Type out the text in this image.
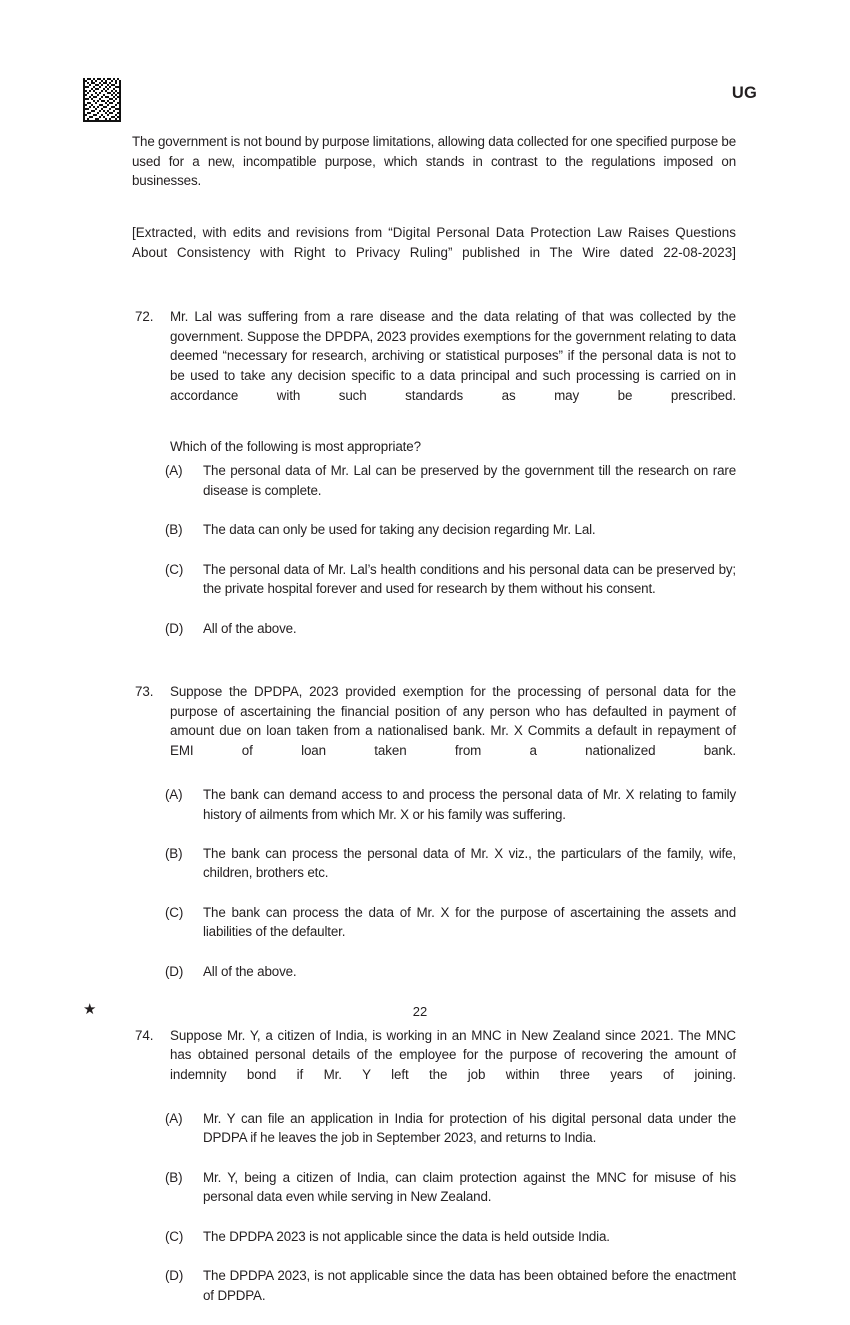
UG

The government is not bound by purpose limitations, allowing data collected for one specified purpose be used for a new, incompatible purpose, which stands in contrast to the regulations imposed on businesses.

[Extracted, with edits and revisions from “Digital Personal Data Protection Law Raises Questions About Consistency with Right to Privacy Ruling” published in The Wire dated 22-08-2023]

72.	Mr. Lal was suffering from a rare disease and the data relating of that was collected by the government. Suppose the DPDPA, 2023 provides exemptions for the government relating to data deemed “necessary for research, archiving or statistical purposes” if the personal data is not to be used to take any decision specific to a data principal and such processing is carried on in accordance with such standards as may be prescribed.
Which of the following is most appropriate?
(A)	The personal data of Mr. Lal can be preserved by the government till the research on rare disease is complete.
(B)	The data can only be used for taking any decision regarding Mr. Lal.
(C)	The personal data of Mr. Lal’s health conditions and his personal data can be preserved by; the private hospital forever and used for research by them without his consent.
(D)	All of the above.
73.	Suppose the DPDPA, 2023 provided exemption for the processing of personal data for the purpose of ascertaining the financial position of any person who has defaulted in payment of amount due on loan taken from a nationalised bank. Mr. X Commits a default in repayment of EMI of loan taken from a nationalized bank.
(A)	The bank can demand access to and process the personal data of Mr. X relating to family history of ailments from which Mr. X or his family was suffering.
(B)	The bank can process the personal data of Mr. X viz., the particulars of the family, wife, children, brothers etc.
(C)	The bank can process the data of Mr. X for the purpose of ascertaining the assets and liabilities of the defaulter.
(D)	All of the above.
74.	Suppose Mr. Y, a citizen of India, is working in an MNC in New Zealand since 2021. The MNC has obtained personal details of the employee for the purpose of recovering the amount of indemnity bond if Mr. Y left the job within three years of joining.
(A)	Mr. Y can file an application in India for protection of his digital personal data under the DPDPA if he leaves the job in September 2023, and returns to India.
(B)	Mr. Y, being a citizen of India, can claim protection against the MNC for misuse of his personal data even while serving in New Zealand.
(C)	The DPDPA 2023 is not applicable since the data is held outside India.
(D)	The DPDPA 2023, is not applicable since the data has been obtained before the enactment of DPDPA.
★	22
